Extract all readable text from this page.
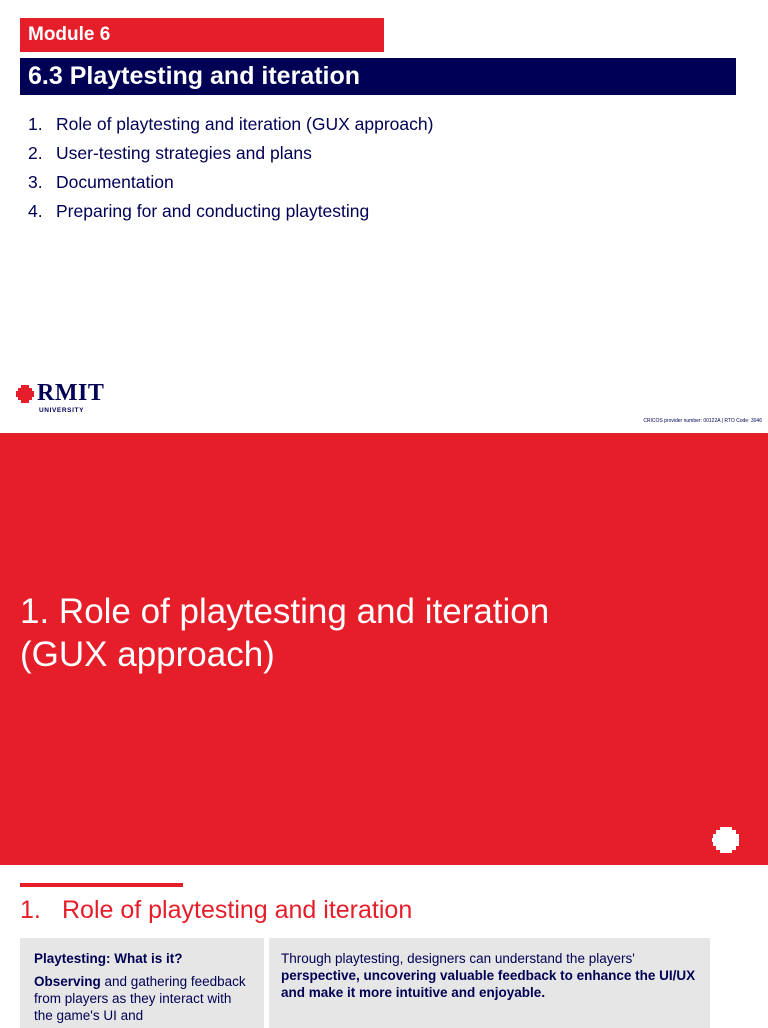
Module 6
6.3 Playtesting and iteration
1. Role of playtesting and iteration (GUX approach)
2. User-testing strategies and plans
3. Documentation
4. Preparing for and conducting playtesting
RMIT
UNIVERSITY
CRICOS provider number: 00122A | RTO Code: 3046
1. Role of playtesting and iteration
(GUX approach)
1. Role of playtesting and iteration
Playtesting: What is it?
Observing and gathering feedback from players as they interact with the game's UI and
Through playtesting, designers can understand the players' perspective, uncovering valuable feedback to enhance the UI/UX and make it more intuitive and enjoyable.
